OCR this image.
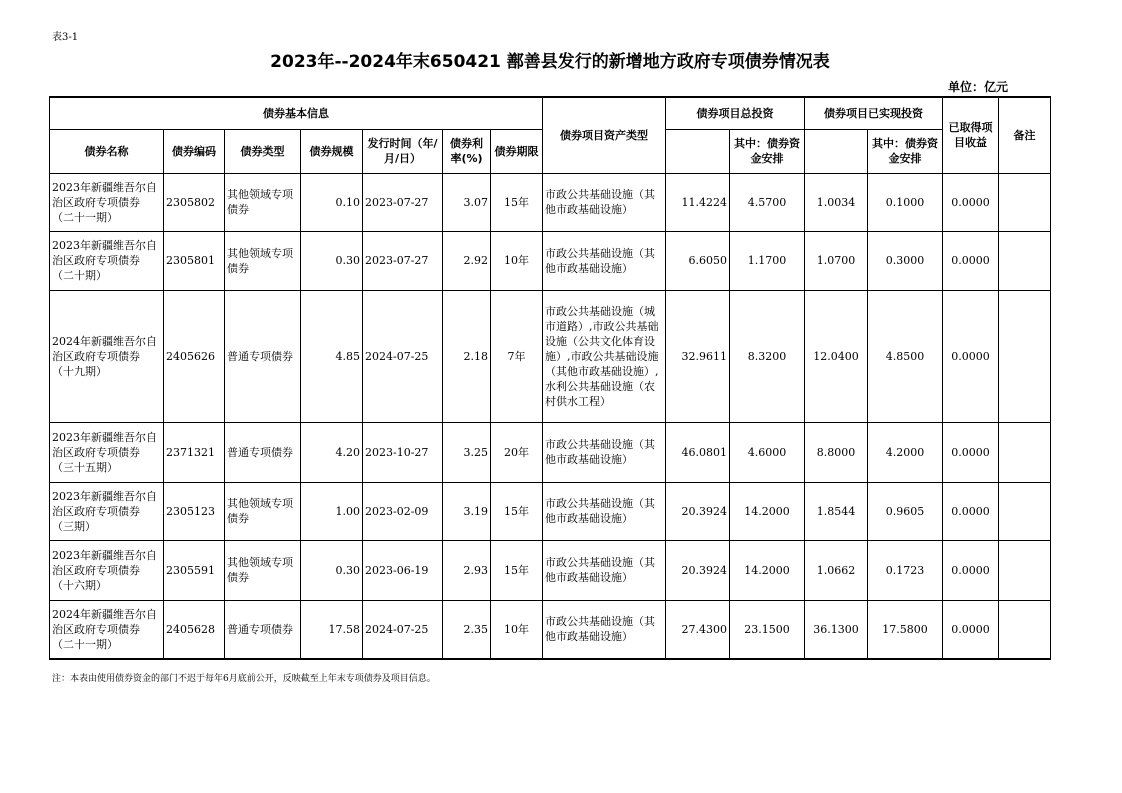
表3-1
2023年--2024年末650421 鄯善县发行的新增地方政府专项债券情况表
单位：亿元
债券基本信息							债券项目资产类型	债券项目总投资		债券项目已实现投资		已取得项目收益	备注
债券名称	债券编码	债券类型	债券规模	发行时间（年/月/日）	债券利率(%)	债券期限			其中：债券资金安排		其中：债券资金安排		
2023年新疆维吾尔自治区政府专项债券（二十一期）	2305802	其他领域专项债券	0.10	2023-07-27	3.07	15年	市政公共基础设施（其他市政基础设施）	11.4224	4.5700	1.0034	0.1000	0.0000	
2023年新疆维吾尔自治区政府专项债券（二十期）	2305801	其他领域专项债券	0.30	2023-07-27	2.92	10年	市政公共基础设施（其他市政基础设施）	6.6050	1.1700	1.0700	0.3000	0.0000	
2024年新疆维吾尔自治区政府专项债券（十九期）	2405626	普通专项债券	4.85	2024-07-25	2.18	7年	市政公共基础设施（城市道路）,市政公共基础设施（公共文化体育设施）,市政公共基础设施（其他市政基础设施）,水利公共基础设施（农村供水工程）	32.9611	8.3200	12.0400	4.8500	0.0000	
2023年新疆维吾尔自治区政府专项债券（三十五期）	2371321	普通专项债券	4.20	2023-10-27	3.25	20年	市政公共基础设施（其他市政基础设施）	46.0801	4.6000	8.8000	4.2000	0.0000	
2023年新疆维吾尔自治区政府专项债券（三期）	2305123	其他领域专项债券	1.00	2023-02-09	3.19	15年	市政公共基础设施（其他市政基础设施）	20.3924	14.2000	1.8544	0.9605	0.0000	
2023年新疆维吾尔自治区政府专项债券（十六期）	2305591	其他领域专项债券	0.30	2023-06-19	2.93	15年	市政公共基础设施（其他市政基础设施）	20.3924	14.2000	1.0662	0.1723	0.0000	
2024年新疆维吾尔自治区政府专项债券（二十一期）	2405628	普通专项债券	17.58	2024-07-25	2.35	10年	市政公共基础设施（其他市政基础设施）	27.4300	23.1500	36.1300	17.5800	0.0000	
注：本表由使用债券资金的部门不迟于每年6月底前公开，反映截至上年末专项债券及项目信息。
